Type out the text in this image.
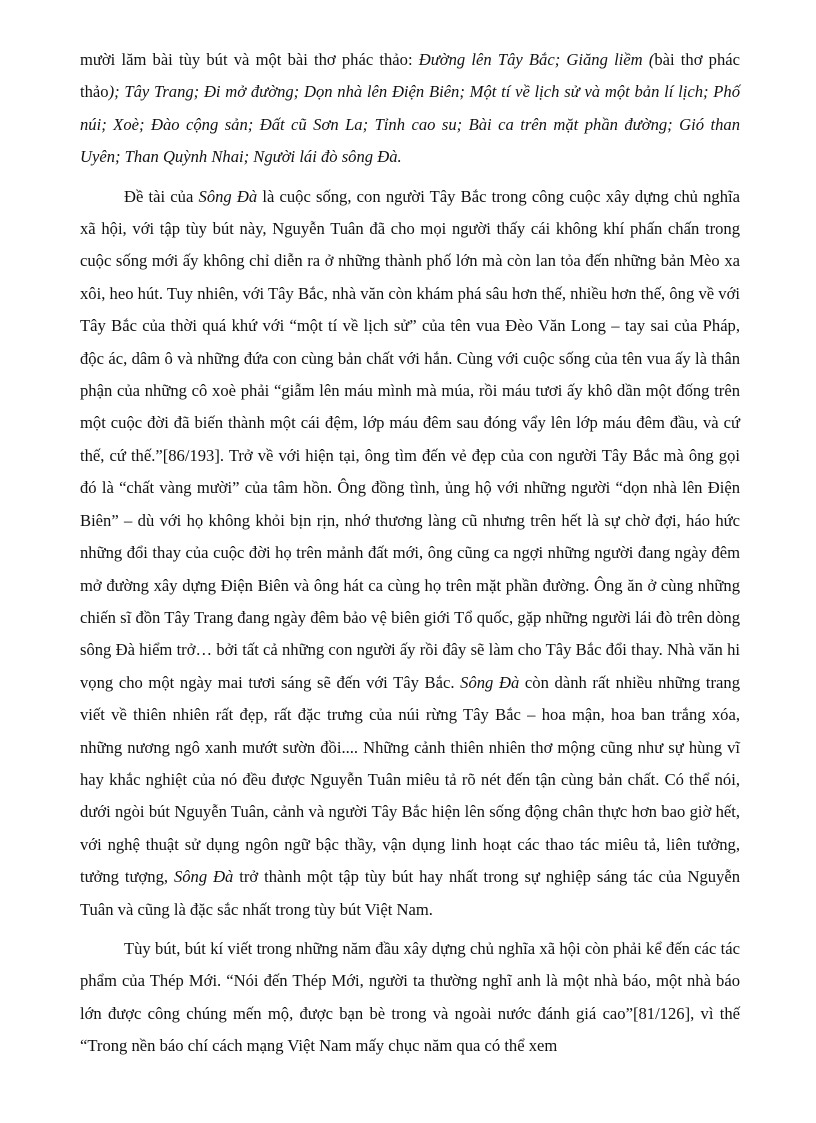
mười lăm bài tùy bút và một bài thơ phác thảo: Đường lên Tây Bắc; Giăng liềm (bài thơ phác thảo); Tây Trang; Đi mở đường; Dọn nhà lên Điện Biên; Một tí về lịch sử và một bản lí lịch; Phố núi; Xoè; Đào cộng sản; Đất cũ Sơn La; Tỉnh cao su; Bài ca trên mặt phần đường; Gió than Uyên; Than Quỳnh Nhai; Người lái đò sông Đà.

Đề tài của Sông Đà là cuộc sống, con người Tây Bắc trong công cuộc xây dựng chủ nghĩa xã hội, với tập tùy bút này, Nguyễn Tuân đã cho mọi người thấy cái không khí phấn chấn trong cuộc sống mới ấy không chỉ diễn ra ở những thành phố lớn mà còn lan tỏa đến những bản Mèo xa xôi, heo hút. Tuy nhiên, với Tây Bắc, nhà văn còn khám phá sâu hơn thế, nhiều hơn thế, ông về với Tây Bắc của thời quá khứ với “một tí về lịch sử” của tên vua Đèo Văn Long – tay sai của Pháp, độc ác, dâm ô và những đứa con cùng bản chất với hắn. Cùng với cuộc sống của tên vua ấy là thân phận của những cô xoè phải “giẫm lên máu mình mà múa, rồi máu tươi ấy khô dần một đống trên một cuộc đời đã biến thành một cái đệm, lớp máu đêm sau đóng vẩy lên lớp máu đêm đầu, và cứ thế, cứ thế.”[86/193]. Trở về với hiện tại, ông tìm đến vẻ đẹp của con người Tây Bắc mà ông gọi đó là “chất vàng mười” của tâm hồn. Ông đồng tình, ủng hộ với những người “dọn nhà lên Điện Biên” – dù với họ không khỏi bịn rịn, nhớ thương làng cũ nhưng trên hết là sự chờ đợi, háo hức những đổi thay của cuộc đời họ trên mảnh đất mới, ông cũng ca ngợi những người đang ngày đêm mở đường xây dựng Điện Biên và ông hát ca cùng họ trên mặt phần đường. Ông ăn ở cùng những chiến sĩ đồn Tây Trang đang ngày đêm bảo vệ biên giới Tổ quốc, gặp những người lái đò trên dòng sông Đà hiểm trở… bởi tất cả những con người ấy rồi đây sẽ làm cho Tây Bắc đổi thay. Nhà văn hi vọng cho một ngày mai tươi sáng sẽ đến với Tây Bắc. Sông Đà còn dành rất nhiều những trang viết về thiên nhiên rất đẹp, rất đặc trưng của núi rừng Tây Bắc – hoa mận, hoa ban trắng xóa, những nương ngô xanh mướt sườn đồi.... Những cảnh thiên nhiên thơ mộng cũng như sự hùng vĩ hay khắc nghiệt của nó đều được Nguyễn Tuân miêu tả rõ nét đến tận cùng bản chất. Có thể nói, dưới ngòi bút Nguyễn Tuân, cảnh và người Tây Bắc hiện lên sống động chân thực hơn bao giờ hết, với nghệ thuật sử dụng ngôn ngữ bậc thầy, vận dụng linh hoạt các thao tác miêu tả, liên tưởng, tưởng tượng, Sông Đà trở thành một tập tùy bút hay nhất trong sự nghiệp sáng tác của Nguyễn Tuân và cũng là đặc sắc nhất trong tùy bút Việt Nam.

Tùy bút, bút kí viết trong những năm đầu xây dựng chủ nghĩa xã hội còn phải kể đến các tác phẩm của Thép Mới. “Nói đến Thép Mới, người ta thường nghĩ anh là một nhà báo, một nhà báo lớn được công chúng mến mộ, được bạn bè trong và ngoài nước đánh giá cao”[81/126], vì thế “Trong nền báo chí cách mạng Việt Nam mấy chục năm qua có thể xem
